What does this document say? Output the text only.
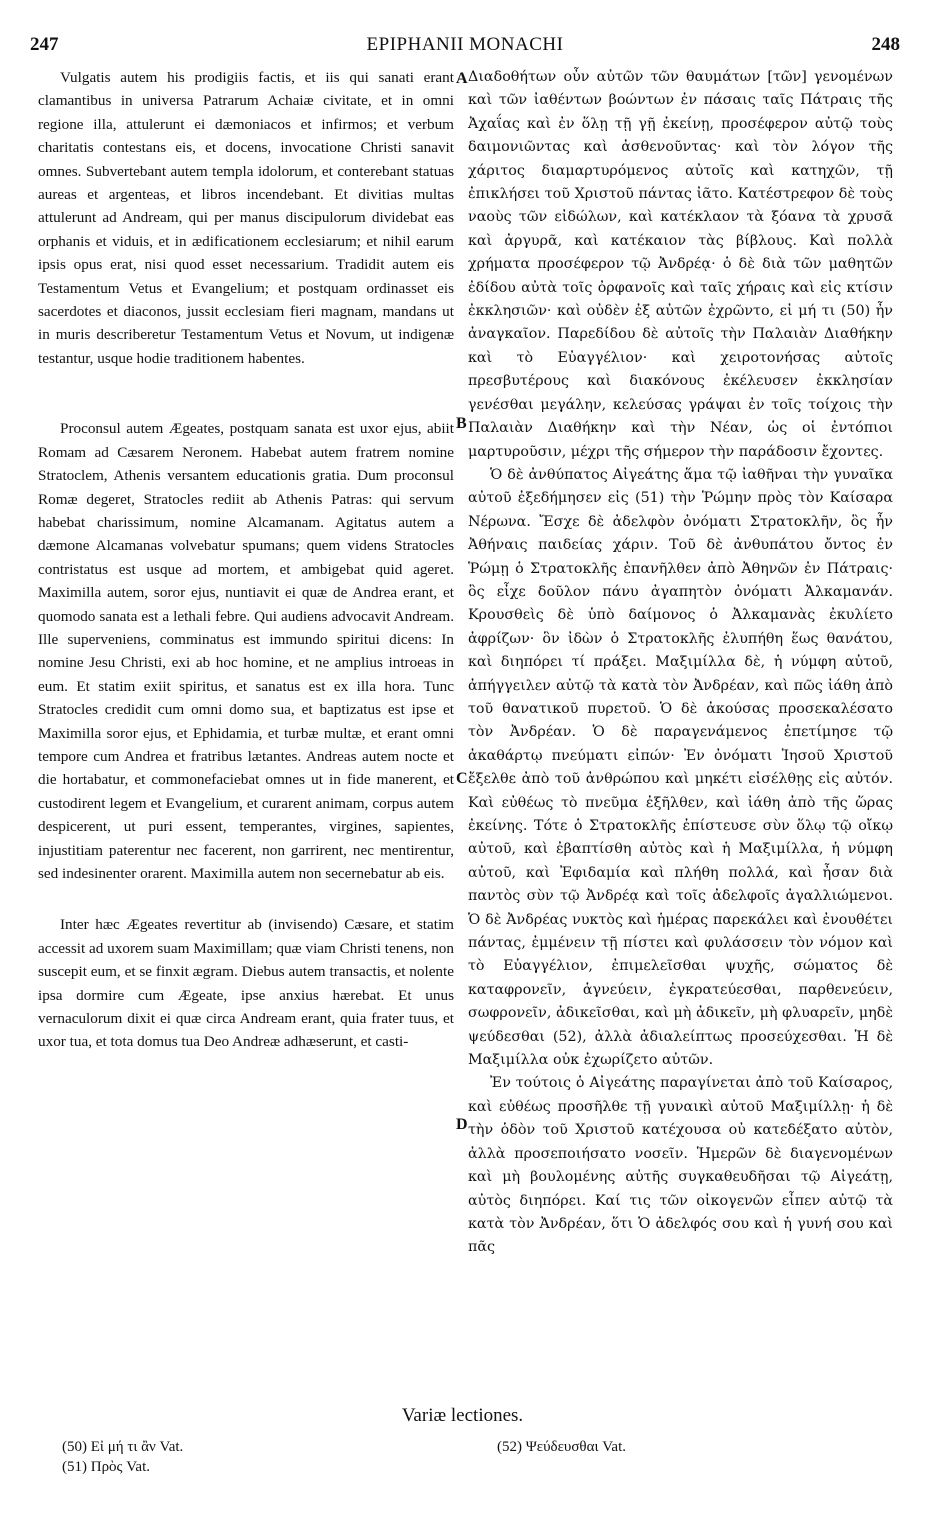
247	EPIPHANII MONACHI	248

Vulgatis autem his prodigiis factis, et iis qui sanati erant clamantibus in universa Patrarum Achaiæ civitate, et in omni regione illa, attulerunt ei dæmoniacos et infirmos; et verbum charitatis contestans eis, et docens, invocatione Christi sanavit omnes. Subvertebant autem templa idolorum, et conterebant statuas aureas et argenteas, et libros incendebant. Et divitias multas attulerunt ad Andream, qui per manus discipulorum dividebat eas orphanis et viduis, et in ædificationem ecclesiarum; et nihil earum ipsis opus erat, nisi quod esset necessarium. Tradidit autem eis Testamentum Vetus et Evangelium; et postquam ordinasset eis sacerdotes et diaconos, jussit ecclesiam fieri magnam, mandans ut in muris describeretur Testamentum Vetus et Novum, ut indigenæ testantur, usque hodie traditionem habentes.

Proconsul autem Ægeates, postquam sanata est uxor ejus, abiit Romam ad Cæsarem Neronem. Habebat autem fratrem nomine Stratoclem, Athenis versantem educationis gratia. Dum proconsul Romæ degeret, Stratocles rediit ab Athenis Patras: qui servum habebat charissimum, nomine Alcamanam. Agitatus autem a dæmone Alcamanas volvebatur spumans; quem videns Stratocles contristatus est usque ad mortem, et ambigebat quid ageret. Maximilla autem, soror ejus, nuntiavit ei quæ de Andrea erant, et quomodo sanata est a lethali febre. Qui audiens advocavit Andream. Ille superveniens, comminatus est immundo spiritui dicens: In nomine Jesu Christi, exi ab hoc homine, et ne amplius introeas in eum. Et statim exiit spiritus, et sanatus est ex illa hora. Tunc Stratocles credidit cum omni domo sua, et baptizatus est ipse et Maximilla soror ejus, et Ephidamia, et turbæ multæ, et erant omni tempore cum Andrea et fratribus lætantes. Andreas autem nocte et die hortabatur, et commonefaciebat omnes ut in fide manerent, et custodirent legem et Evangelium, et curarent animam, corpus autem despicerent, ut puri essent, temperantes, virgines, sapientes, injustitiam paterentur nec facerent, non garrirent, nec mentirentur, sed indesinenter orarent. Maximilla autem non secernebatur ab eis.

Inter hæc Ægeates revertitur ab (invisendo) Cæsare, et statim accessit ad uxorem suam Maximillam; quæ viam Christi tenens, non suscepit eum, et se finxit ægram. Diebus autem transactis, et nolente ipsa dormire cum Ægeate, ipse anxius hærebat. Et unus vernaculorum dixit ei quæ circa Andream erant, quia frater tuus, et uxor tua, et tota domus tua Deo Andreæ adhæserunt, et casti-

A
B
C
D

Διαδοθήτων οὖν αὐτῶν τῶν θαυμάτων [τῶν] γενομένων καὶ τῶν ἰαθέντων βοώντων ἐν πάσαις ταῖς Πάτραις τῆς Ἀχαΐας καὶ ἐν ὅλῃ τῇ γῇ ἐκείνῃ, προσέφερον αὐτῷ τοὺς δαιμονιῶντας καὶ ἀσθενοῦντας· καὶ τὸν λόγον τῆς χάριτος διαμαρτυρόμενος αὐτοῖς καὶ κατηχῶν, τῇ ἐπικλήσει τοῦ Χριστοῦ πάντας ἰᾶτο. Κατέστρεφον δὲ τοὺς ναοὺς τῶν εἰδώλων, καὶ κατέκλαον τὰ ξόανα τὰ χρυσᾶ καὶ ἀργυρᾶ, καὶ κατέκαιον τὰς βίβλους. Καὶ πολλὰ χρήματα προσέφερον τῷ Ἀνδρέᾳ· ὁ δὲ διὰ τῶν μαθητῶν ἐδίδου αὐτὰ τοῖς ὀρφανοῖς καὶ ταῖς χήραις καὶ εἰς κτίσιν ἐκκλησιῶν· καὶ οὐδὲν ἐξ αὐτῶν ἐχρῶντο, εἰ μή τι (50) ἦν ἀναγκαῖον. Παρεδίδου δὲ αὐτοῖς τὴν Παλαιὰν Διαθήκην καὶ τὸ Εὐαγγέλιον· καὶ χειροτονήσας αὐτοῖς πρεσβυτέρους καὶ διακόνους ἐκέλευσεν ἐκκλησίαν γενέσθαι μεγάλην, κελεύσας γράψαι ἐν τοῖς τοίχοις τὴν Παλαιὰν Διαθήκην καὶ τὴν Νέαν, ὡς οἱ ἐντόπιοι μαρτυροῦσιν, μέχρι τῆς σήμερον τὴν παράδοσιν ἔχοντες.

Ὁ δὲ ἀνθύπατος Αἰγεάτης ἅμα τῷ ἰαθῆναι τὴν γυναῖκα αὐτοῦ ἐξεδήμησεν εἰς (51) τὴν Ῥώμην πρὸς τὸν Καίσαρα Νέρωνα. Ἔσχε δὲ ἀδελφὸν ὀνόματι Στρατοκλῆν, ὃς ἦν Ἀθήναις παιδείας χάριν. Τοῦ δὲ ἀνθυπάτου ὄντος ἐν Ῥώμῃ ὁ Στρατοκλῆς ἐπανῆλθεν ἀπὸ Ἀθηνῶν ἐν Πάτραις· ὃς εἶχε δοῦλον πάνυ ἀγαπητὸν ὀνόματι Ἀλκαμανάν. Κρουσθεὶς δὲ ὑπὸ δαίμονος ὁ Ἀλκαμανὰς ἐκυλίετο ἀφρίζων· ὃν ἰδὼν ὁ Στρατοκλῆς ἐλυπήθη ἕως θανάτου, καὶ διηπόρει τί πράξει. Μαξιμίλλα δὲ, ἡ νύμφη αὐτοῦ, ἀπήγγειλεν αὐτῷ τὰ κατὰ τὸν Ἀνδρέαν, καὶ πῶς ἰάθη ἀπὸ τοῦ θανατικοῦ πυρετοῦ. Ὁ δὲ ἀκούσας προσεκαλέσατο τὸν Ἀνδρέαν. Ὁ δὲ παραγενάμενος ἐπετίμησε τῷ ἀκαθάρτῳ πνεύματι εἰπών· Ἐν ὀνόματι Ἰησοῦ Χριστοῦ ἔξελθε ἀπὸ τοῦ ἀνθρώπου καὶ μηκέτι εἰσέλθῃς εἰς αὐτόν. Καὶ εὐθέως τὸ πνεῦμα ἐξῆλθεν, καὶ ἰάθη ἀπὸ τῆς ὥρας ἐκείνης. Τότε ὁ Στρατοκλῆς ἐπίστευσε σὺν ὅλῳ τῷ οἴκῳ αὐτοῦ, καὶ ἐβαπτίσθη αὐτὸς καὶ ἡ Μαξιμίλλα, ἡ νύμφη αὐτοῦ, καὶ Ἐφιδαμία καὶ πλήθη πολλά, καὶ ἦσαν διὰ παντὸς σὺν τῷ Ἀνδρέᾳ καὶ τοῖς ἀδελφοῖς ἀγαλλιώμενοι. Ὁ δὲ Ἀνδρέας νυκτὸς καὶ ἡμέρας παρεκάλει καὶ ἐνουθέτει πάντας, ἐμμένειν τῇ πίστει καὶ φυλάσσειν τὸν νόμον καὶ τὸ Εὐαγγέλιον, ἐπιμελεῖσθαι ψυχῆς, σώματος δὲ καταφρονεῖν, ἁγνεύειν, ἐγκρατεύεσθαι, παρθενεύειν, σωφρονεῖν, ἀδικεῖσθαι, καὶ μὴ ἀδικεῖν, μὴ φλυαρεῖν, μηδὲ ψεύδεσθαι (52), ἀλλὰ ἀδιαλείπτως προσεύχεσθαι. Ἡ δὲ Μαξιμίλλα οὐκ ἐχωρίζετο αὐτῶν.

Ἐν τούτοις ὁ Αἰγεάτης παραγίνεται ἀπὸ τοῦ Καίσαρος, καὶ εὐθέως προσῆλθε τῇ γυναικὶ αὐτοῦ Μαξιμίλλῃ· ἡ δὲ τὴν ὁδὸν τοῦ Χριστοῦ κατέχουσα οὐ κατεδέξατο αὐτὸν, ἀλλὰ προσεποιήσατο νοσεῖν. Ἡμερῶν δὲ διαγενομένων καὶ μὴ βουλομένης αὐτῆς συγκαθευδῆσαι τῷ Αἰγεάτῃ, αὐτὸς διηπόρει. Καί τις τῶν οἰκογενῶν εἶπεν αὐτῷ τὰ κατὰ τὸν Ἀνδρέαν, ὅτι Ὁ ἀδελφός σου καὶ ἡ γυνή σου καὶ πᾶς

Variæ lectiones.
(50) Εἰ μή τι ἂν Vat.
(51) Πρὸς Vat.
(52) Ψεύδευσθαι Vat.
